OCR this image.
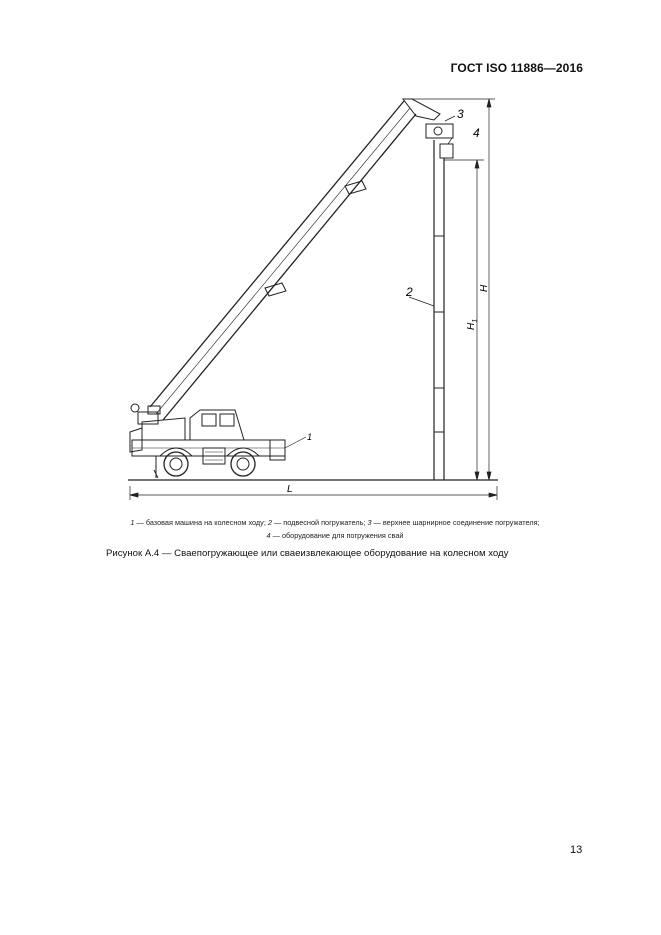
ГОСТ ISO 11886—2016
1
2
3
4
L
H
$H_1$
1 — базовая машина на колесном ходу; 2 — подвесной погружатель; 3 — верхнее шарнирное соединение погружателя;
4 — оборудование для погружения свай
Рисунок А.4 — Сваепогружающее или сваеизвлекающее оборудование на колесном ходу
13
